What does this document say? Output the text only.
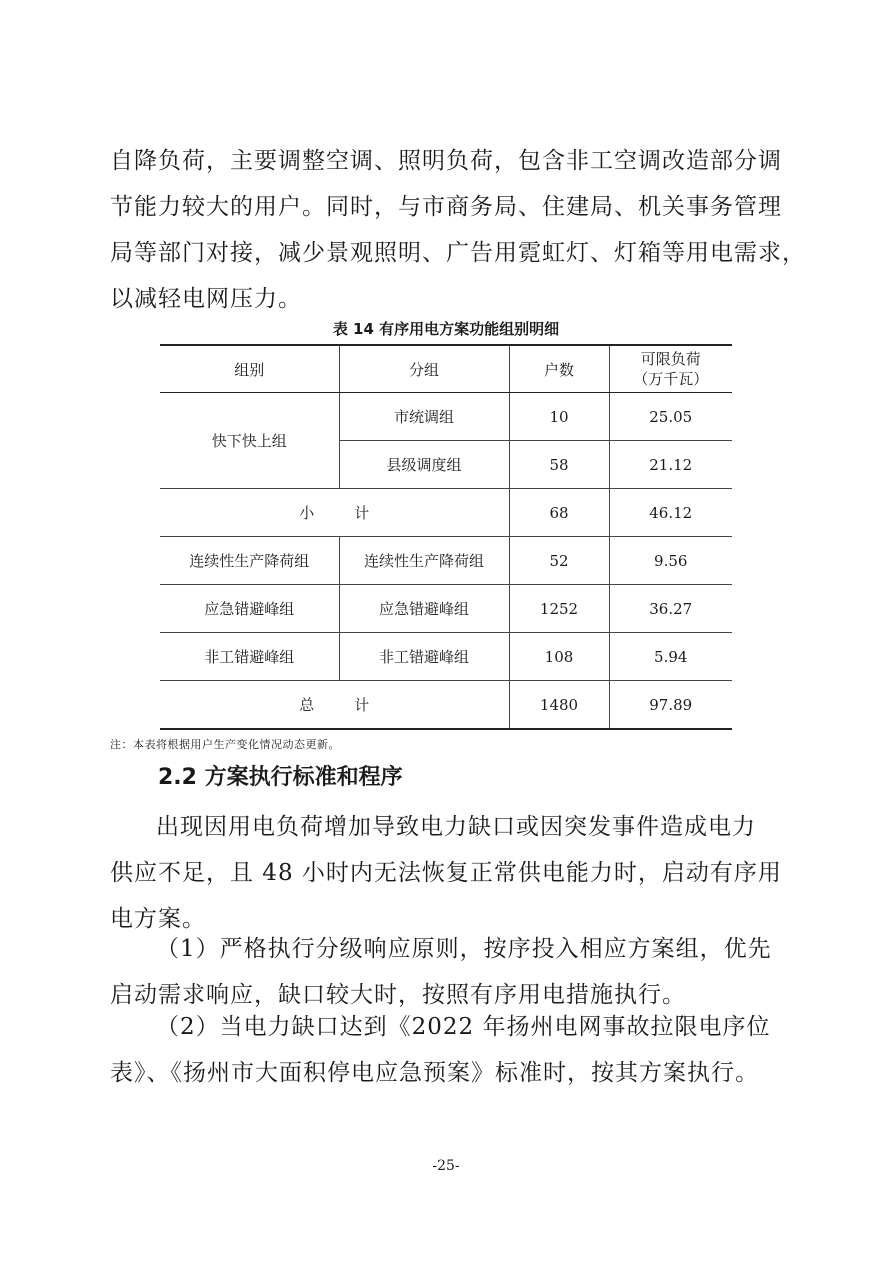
自降负荷，主要调整空调、照明负荷，包含非工空调改造部分调
节能力较大的用户。同时，与市商务局、住建局、机关事务管理
局等部门对接，减少景观照明、广告用霓虹灯、灯箱等用电需求，
以减轻电网压力。
表 14 有序用电方案功能组别明细
组别	分组	户数	可限负荷
（万千瓦）

快下快上组	市统调组	10	25.05
	县级调度组	58	21.12
小 计		68	46.12
连续性生产降荷组	连续性生产降荷组	52	9.56
应急错避峰组	应急错避峰组	1252	36.27
非工错避峰组	非工错避峰组	108	5.94
总 计		1480	97.89
注：本表将根据用户生产变化情况动态更新。
2.2 方案执行标准和程序
出现因用电负荷增加导致电力缺口或因突发事件造成电力
供应不足，且 48 小时内无法恢复正常供电能力时，启动有序用
电方案。
（1）严格执行分级响应原则，按序投入相应方案组，优先
启动需求响应，缺口较大时，按照有序用电措施执行。
（2）当电力缺口达到《2022 年扬州电网事故拉限电序位
表》、《扬州市大面积停电应急预案》标准时，按其方案执行。
-25-
